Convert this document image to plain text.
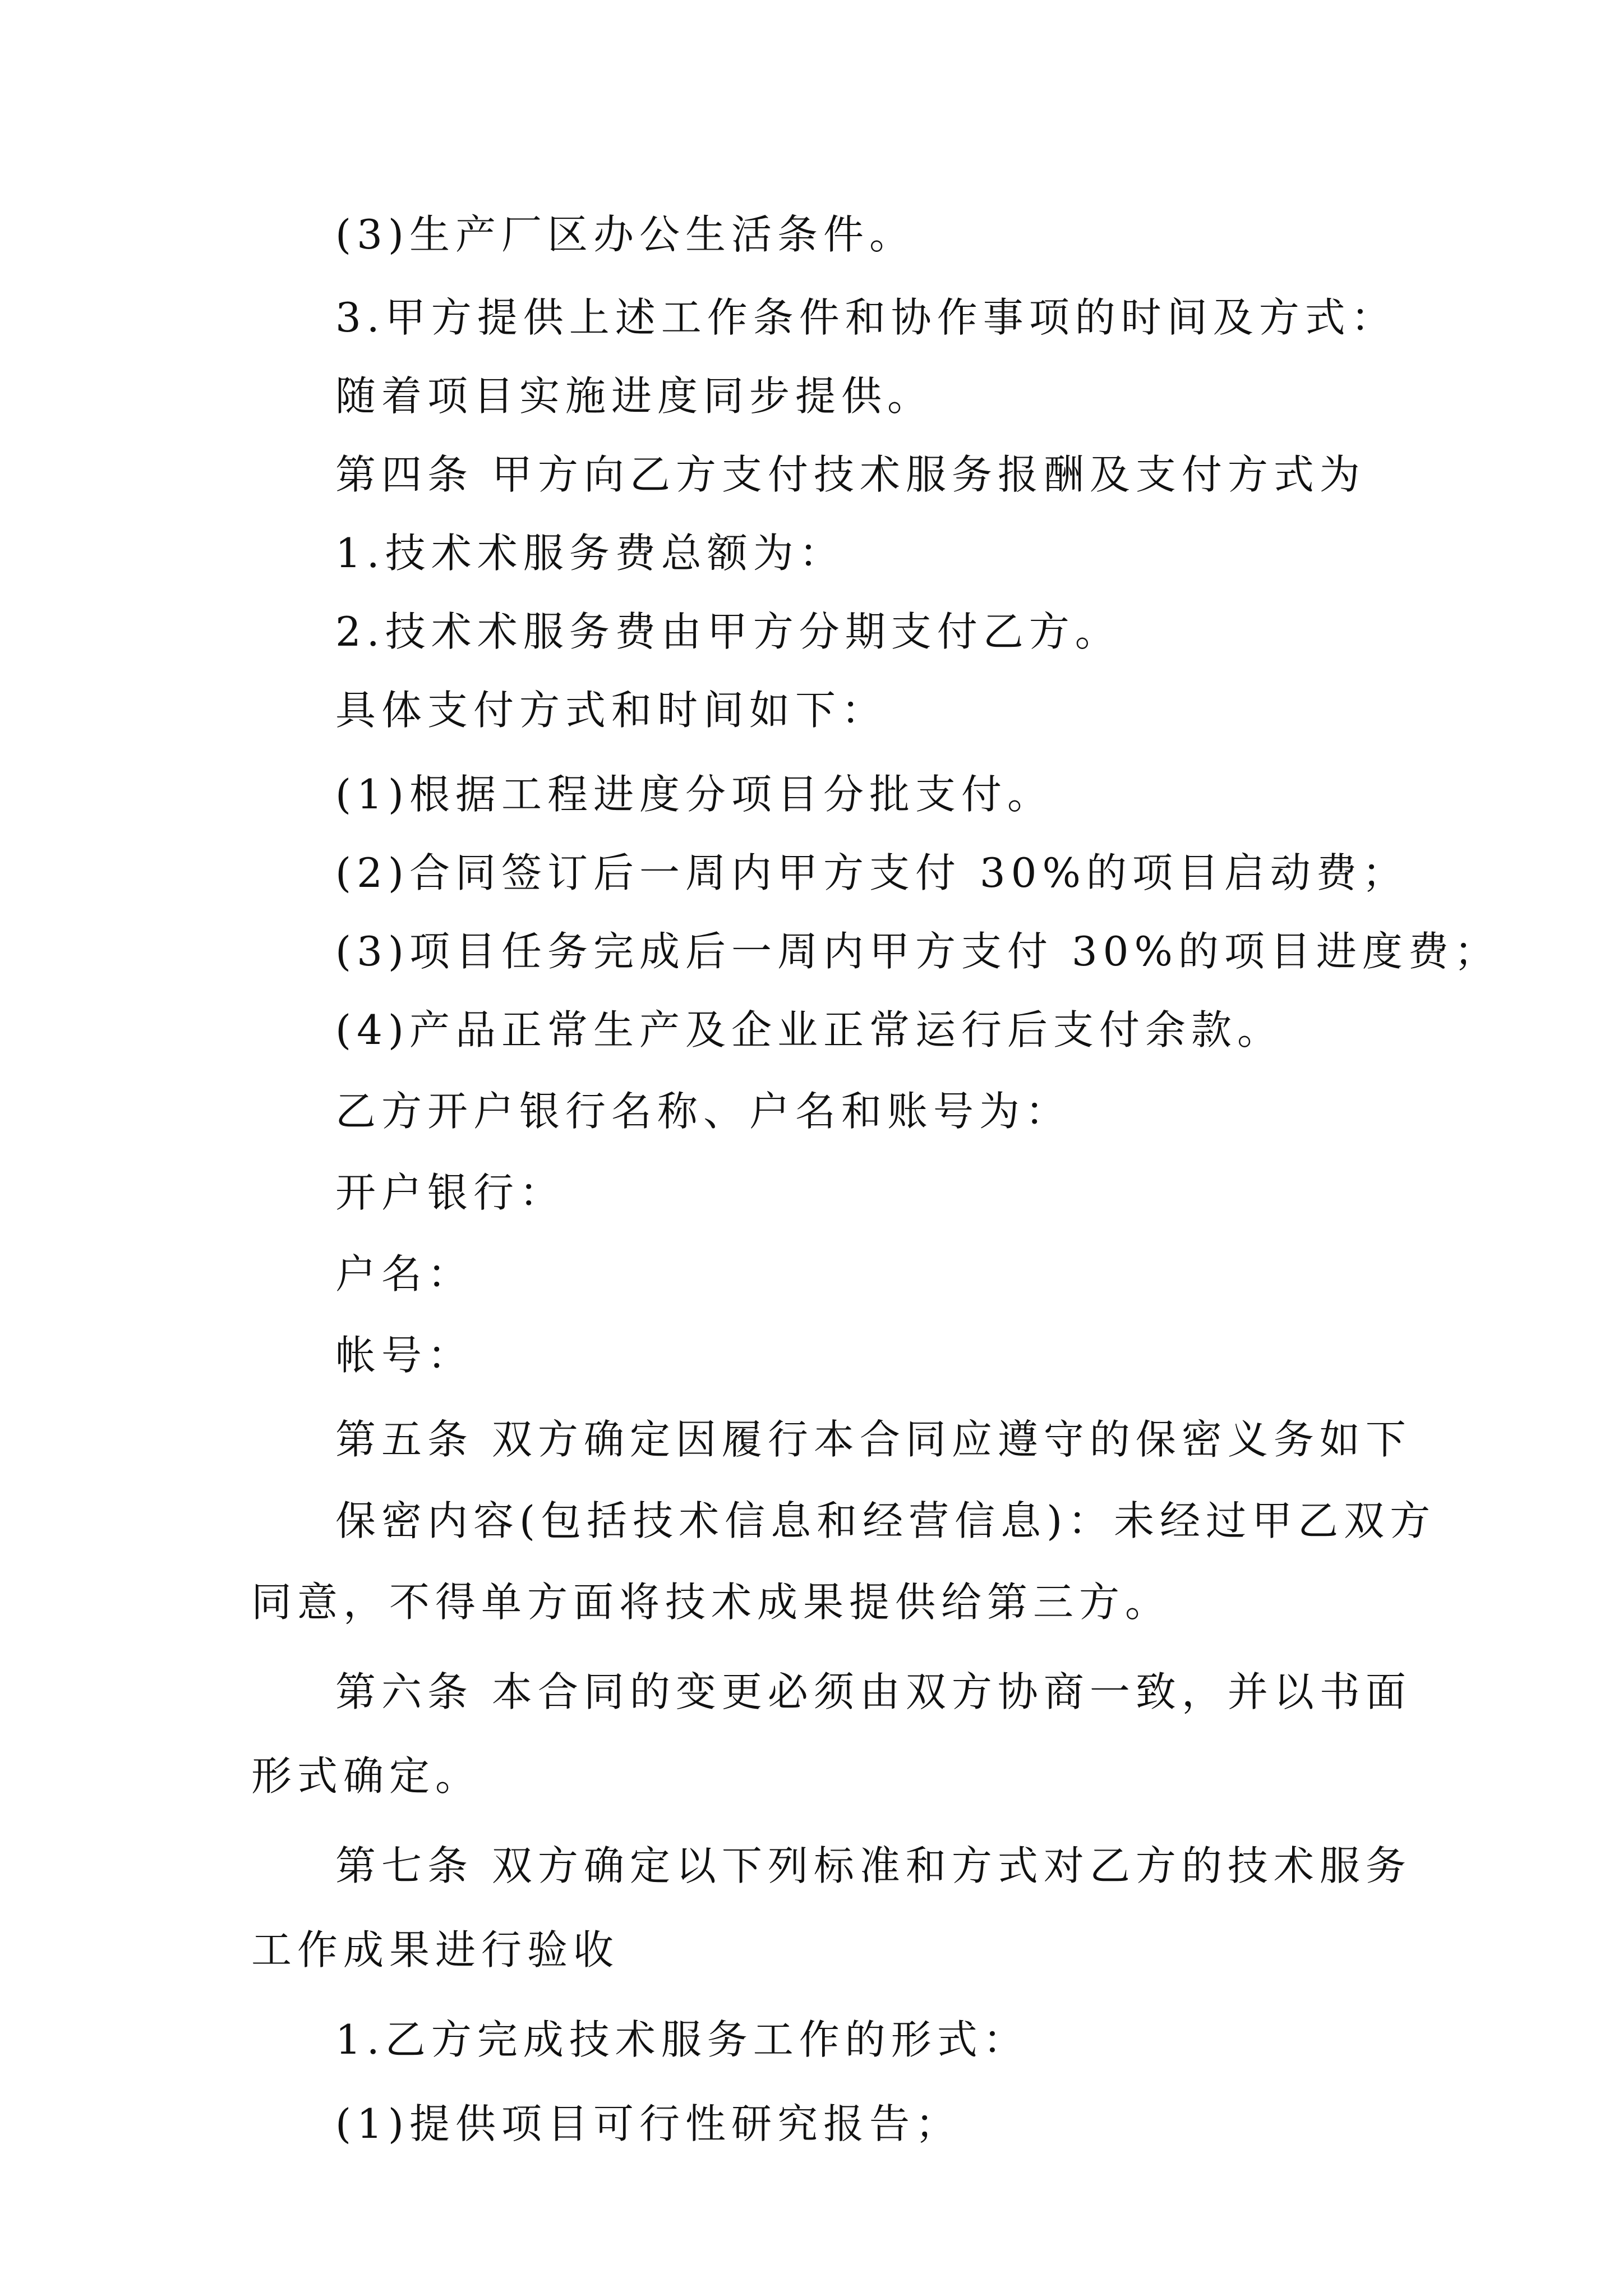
(3)生产厂区办公生活条件。
3.甲方提供上述工作条件和协作事项的时间及方式：
随着项目实施进度同步提供。
第四条 甲方向乙方支付技术服务报酬及支付方式为
1.技术术服务费总额为：
2.技术术服务费由甲方分期支付乙方。
具体支付方式和时间如下：
(1)根据工程进度分项目分批支付。
(2)合同签订后一周内甲方支付 30%的项目启动费；
(3)项目任务完成后一周内甲方支付 30%的项目进度费；
(4)产品正常生产及企业正常运行后支付余款。
乙方开户银行名称、户名和账号为：
开户银行：
户名：
帐号：
第五条 双方确定因履行本合同应遵守的保密义务如下
保密内容(包括技术信息和经营信息)：未经过甲乙双方
同意，不得单方面将技术成果提供给第三方。
第六条 本合同的变更必须由双方协商一致，并以书面
形式确定。
第七条 双方确定以下列标准和方式对乙方的技术服务
工作成果进行验收
1.乙方完成技术服务工作的形式：
(1)提供项目可行性研究报告；
